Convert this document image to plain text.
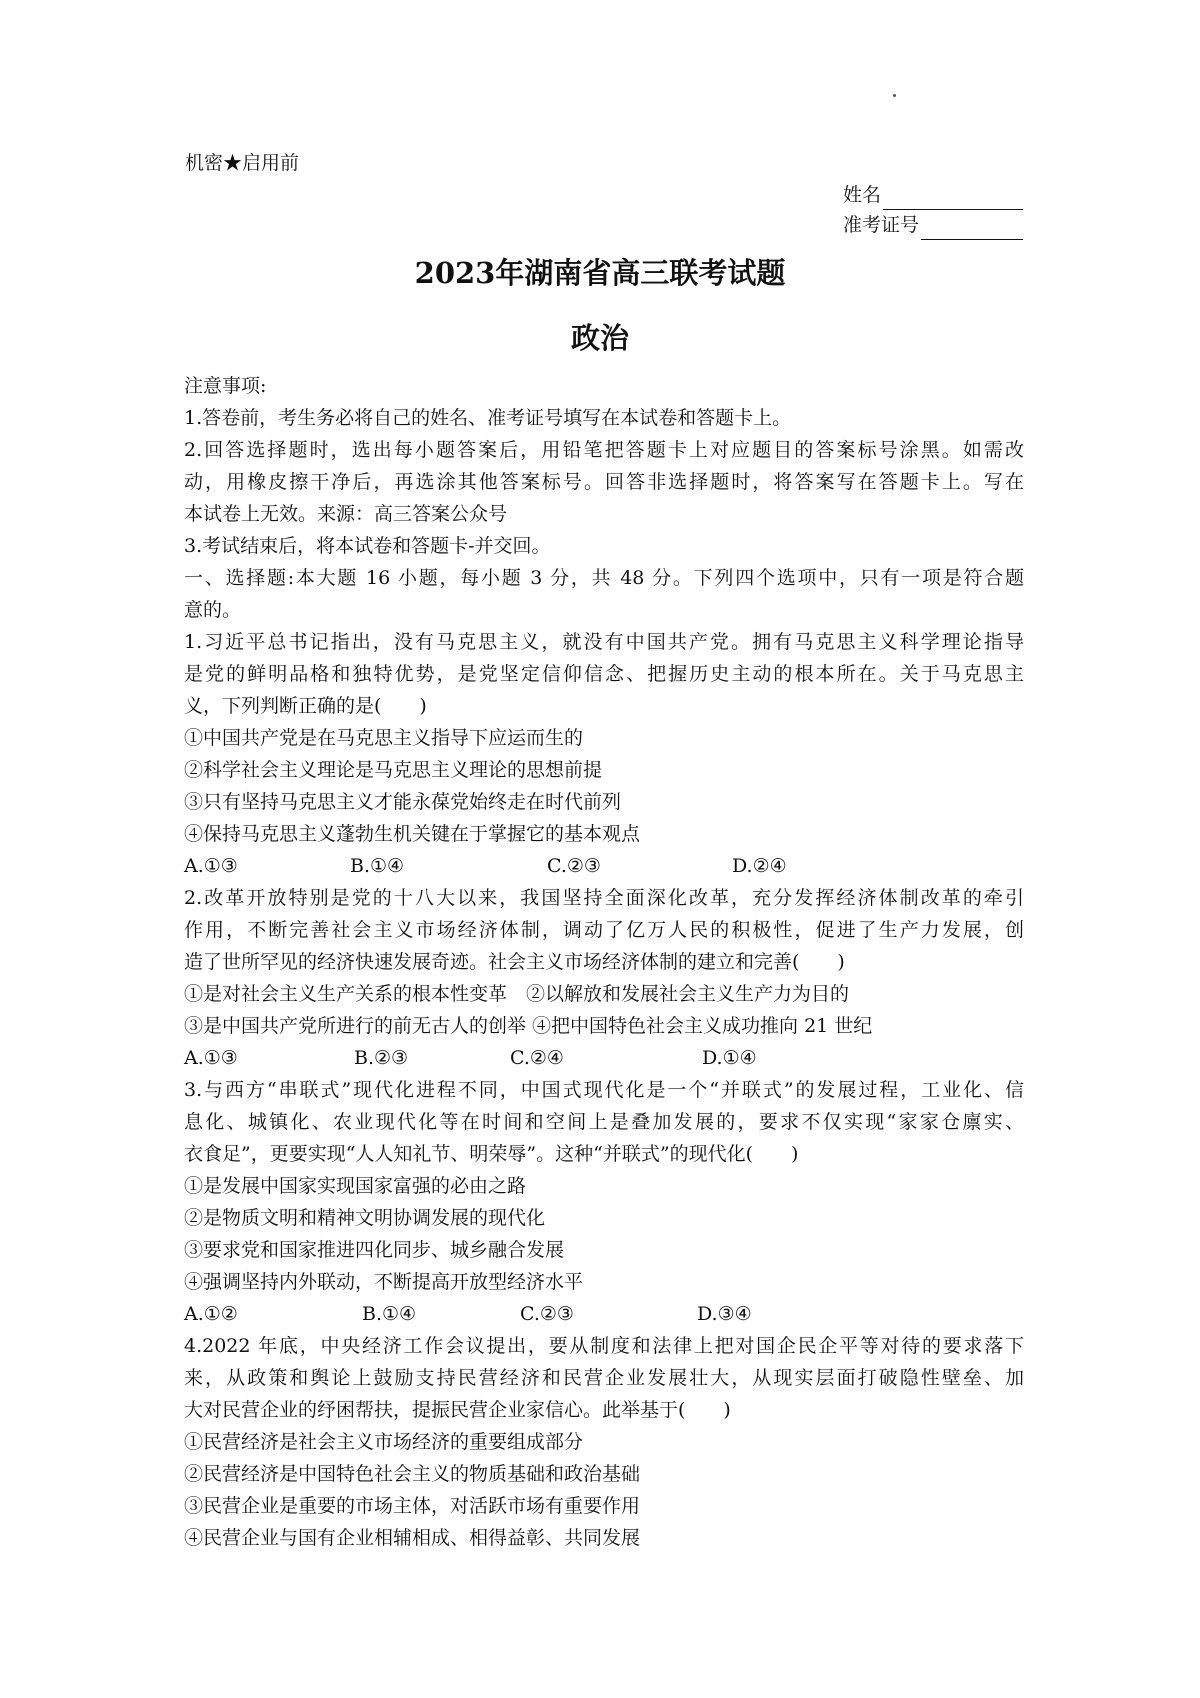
机密★启用前
姓名
准考证号
2023年湖南省高三联考试题
政治
注意事项:
1.答卷前，考生务必将自己的姓名、准考证号填写在本试卷和答题卡上。
2.回答选择题时，选出每小题答案后，用铅笔把答题卡上对应题目的答案标号涂黑。如需改
动，用橡皮擦干净后，再选涂其他答案标号。回答非选择题时，将答案写在答题卡上。写在
本试卷上无效。来源：高三答案公众号
3.考试结束后，将本试卷和答题卡-并交回。
一、选择题:本大题 16 小题，每小题 3 分，共 48 分。下列四个选项中，只有一项是符合题
意的。
1.习近平总书记指出，没有马克思主义，就没有中国共产党。拥有马克思主义科学理论指导
是党的鲜明品格和独特优势，是党坚定信仰信念、把握历史主动的根本所在。关于马克思主
义，下列判断正确的是(　　)
①中国共产党是在马克思主义指导下应运而生的
②科学社会主义理论是马克思主义理论的思想前提
③只有坚持马克思主义才能永葆党始终走在时代前列
④保持马克思主义蓬勃生机关键在于掌握它的基本观点
A.①③	B.①④	C.②③	D.②④
2.改革开放特别是党的十八大以来，我国坚持全面深化改革，充分发挥经济体制改革的牵引
作用，不断完善社会主义市场经济体制，调动了亿万人民的积极性，促进了生产力发展，创
造了世所罕见的经济快速发展奇迹。社会主义市场经济体制的建立和完善(　　)
①是对社会主义生产关系的根本性变革　②以解放和发展社会主义生产力为目的
③是中国共产党所进行的前无古人的创举 ④把中国特色社会主义成功推向 21 世纪
A.①③	B.②③	C.②④	D.①④
3.与西方“串联式”现代化进程不同，中国式现代化是一个“并联式”的发展过程，工业化、信
息化、城镇化、农业现代化等在时间和空间上是叠加发展的，要求不仅实现“家家仓廪实、
衣食足”，更要实现“人人知礼节、明荣辱”。这种“并联式”的现代化(　　)
①是发展中国家实现国家富强的必由之路
②是物质文明和精神文明协调发展的现代化
③要求党和国家推进四化同步、城乡融合发展
④强调坚持内外联动，不断提高开放型经济水平
A.①②	B.①④	C.②③	D.③④
4.2022 年底，中央经济工作会议提出，要从制度和法律上把对国企民企平等对待的要求落下
来，从政策和舆论上鼓励支持民营经济和民营企业发展壮大，从现实层面打破隐性壁垒、加
大对民营企业的纾困帮扶，提振民营企业家信心。此举基于(　　)
①民营经济是社会主义市场经济的重要组成部分
②民营经济是中国特色社会主义的物质基础和政治基础
③民营企业是重要的市场主体，对活跃市场有重要作用
④民营企业与国有企业相辅相成、相得益彰、共同发展
